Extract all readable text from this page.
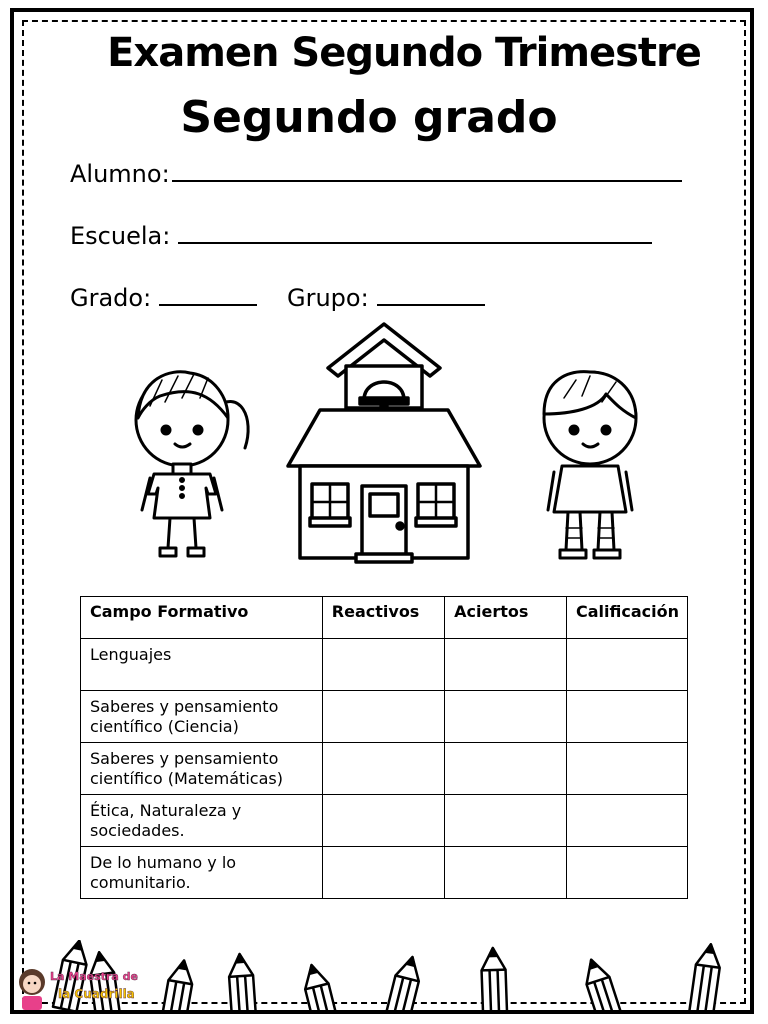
Examen Segundo Trimestre
Segundo grado
Alumno:
Escuela:
Grado:	Grupo:
Campo Formativo	Reactivos	Aciertos	Calificación
Lenguajes			
Saberes y pensamiento científico (Ciencia)			
Saberes y pensamiento científico (Matemáticas)			
Ética, Naturaleza y sociedades.			
De lo humano y lo comunitario.			
La Maestra de
la Cuadrilla
